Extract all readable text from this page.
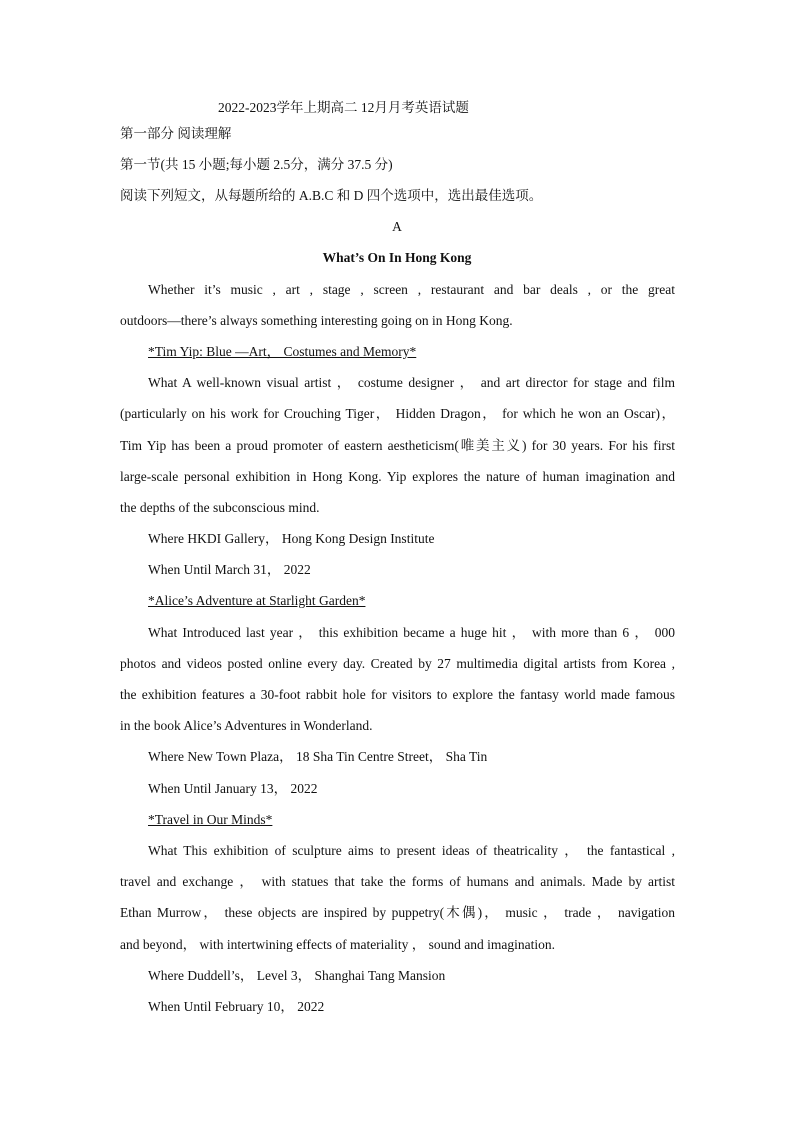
2022-2023学年上期高二 12月月考英语试题
第一部分 阅读理解
第一节(共 15 小题;每小题 2.5分，满分 37.5 分)
阅读下列短文，从每题所给的 A.B.C 和 D 四个选项中，选出最佳选项。
A
What’s On In Hong Kong
Whether it’s music , art , stage , screen , restaurant and bar deals , or the great
outdoors—there’s always something interesting going on in Hong Kong.
*Tim Yip: Blue —Art， Costumes and Memory*
What A well-known visual artist ， costume designer ， and art director for stage and film
(particularly on his work for Crouching Tiger， Hidden Dragon， for which he won an Oscar)，
Tim Yip has been a proud promoter of eastern aestheticism(唯美主义) for 30 years. For his first
large-scale personal exhibition in Hong Kong. Yip explores the nature of human imagination and
the depths of the subconscious mind.
Where HKDI Gallery， Hong Kong Design Institute
When Until March 31， 2022
*Alice’s Adventure at Starlight Garden*
What Introduced last year ， this exhibition became a huge hit ， with more than 6 ， 000
photos and videos posted online every day. Created by 27 multimedia digital artists from Korea ,
the exhibition features a 30-foot rabbit hole for visitors to explore the fantasy world made famous
in the book Alice’s Adventures in Wonderland.
Where New Town Plaza， 18 Sha Tin Centre Street， Sha Tin
When Until January 13， 2022
*Travel in Our Minds*
What This exhibition of sculpture aims to present ideas of theatricality ， the fantastical ,
travel and exchange ， with statues that take the forms of humans and animals. Made by artist
Ethan Murrow， these objects are inspired by puppetry(木偶)， music ， trade ， navigation
and beyond， with intertwining effects of materiality ， sound and imagination.
Where Duddell’s， Level 3， Shanghai Tang Mansion
When Until February 10， 2022
